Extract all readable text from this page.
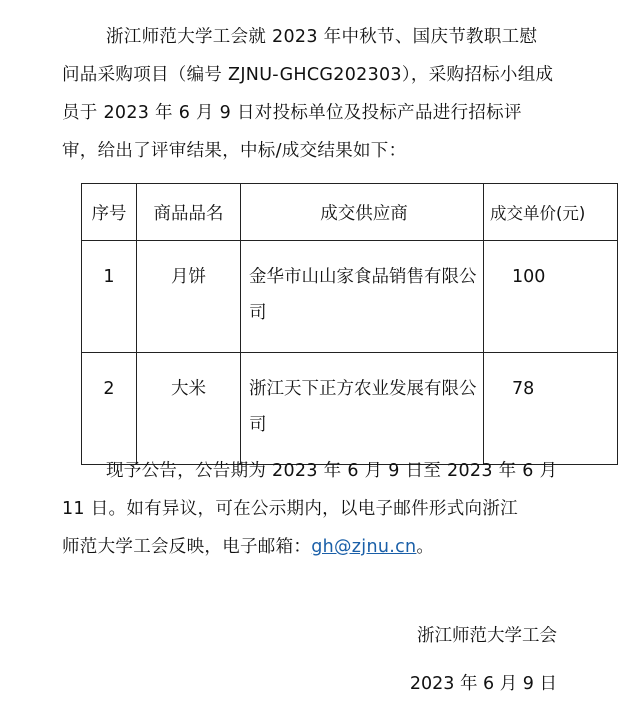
浙江师范大学工会就 2023 年中秋节、国庆节教职工慰
问品采购项目（编号 ZJNU-GHCG202303），采购招标小组成
员于 2023 年 6 月 9 日对投标单位及投标产品进行招标评
审，给出了评审结果，中标/成交结果如下：
序号	商品品名	成交供应商	成交单价(元)
1	月饼	金华市山山家食品销售有限公司	100
2	大米	浙江天下正方农业发展有限公司	78
现予公告，公告期为 2023 年 6 月 9 日至 2023 年 6 月
11 日。如有异议，可在公示期内，以电子邮件形式向浙江
师范大学工会反映，电子邮箱：gh@zjnu.cn。
浙江师范大学工会
2023 年 6 月 9 日
